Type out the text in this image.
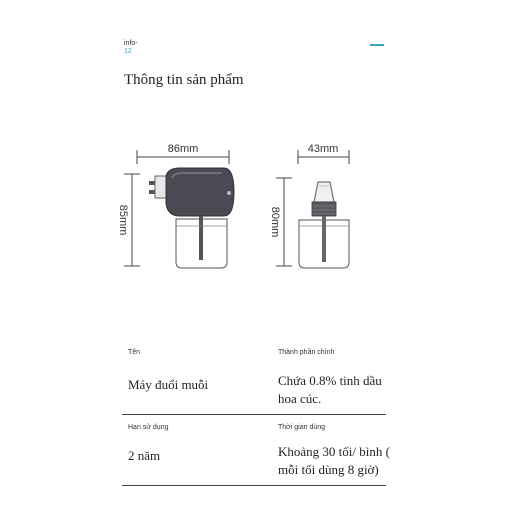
info-
12
Thông tin sản phẩm
86mm
85mm
43mm
80mm
Tên
Máy đuổi muỗi
Thành phần chính
Chứa 0.8% tinh dầu hoa cúc.
Hạn sử dụng
2 năm
Thời gian dùng
Khoảng 30 tối/ bình ( mỗi tối dùng 8 giờ)
